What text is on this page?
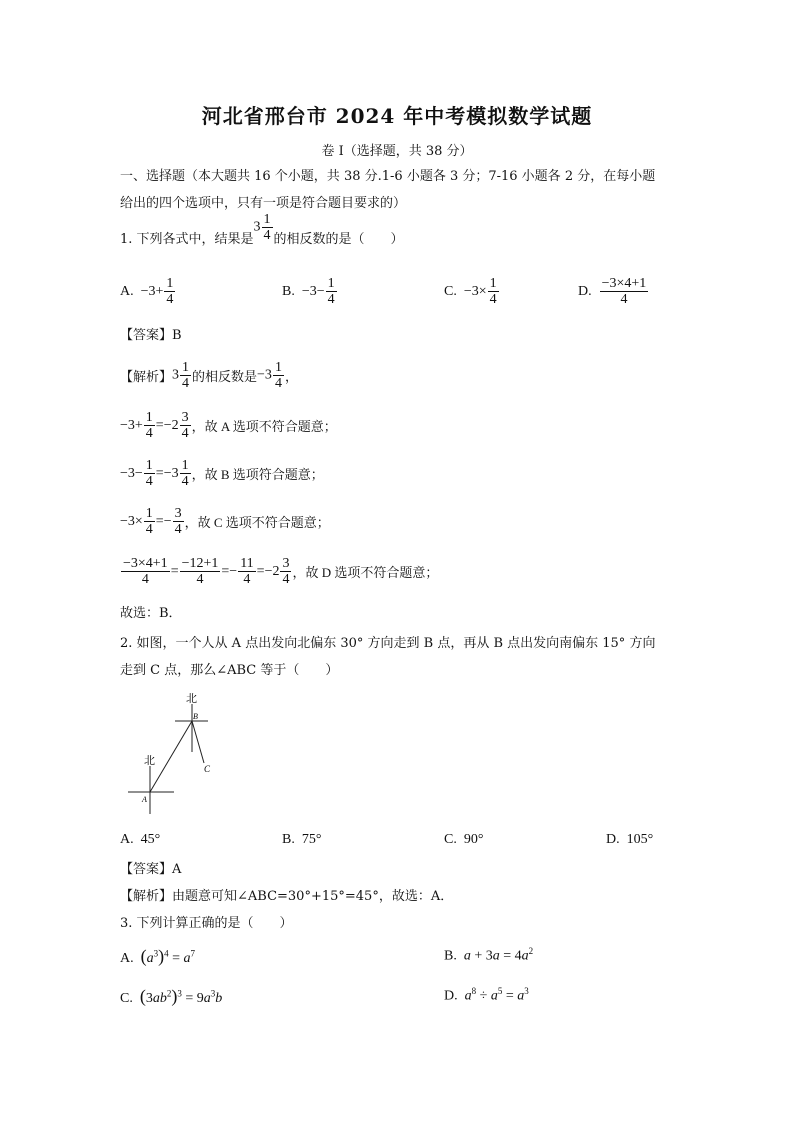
河北省邢台市 2024 年中考模拟数学试题
卷 I（选择题，共 38 分）
一、选择题（本大题共 16 个小题，共 38 分.1-6 小题各 3 分；7-16 小题各 2 分，在每小题
给出的四个选项中，只有一项是符合题目要求的）
1. 下列各式中，结果是
$3 \frac{1}{4}$ 的相反数的是（　　）
A.
$-3+ \frac{1}{4}$	B.
$-3- \frac{1}{4}$	C.
$-3\times \frac{1}{4}$	D.
$\frac{-3\times 4+1}{4}$
【答案】B
【解析】 $3 \frac{1}{4}$ 的相反数是 $-3 \frac{1}{4}$ ，
$-3+ \frac{1}{4} =-2 \frac{3}{4}$ ，故 A 选项不符合题意；
$-3- \frac{1}{4} =-3 \frac{1}{4}$ ，故 B 选项符合题意；
$-3\times \frac{1}{4} =- \frac{3}{4}$ ，故 C 选项不符合题意；
$\frac{-3\times 4+1}{4} = \frac{-12+1}{4} =- \frac{11}{4} =-2 \frac{3}{4}$ ，故 D 选项不符合题意；
故选：B．
2. 如图，一个人从 A 点出发向北偏东 30° 方向走到 B 点，再从 B 点出发向南偏东 15° 方向
走到 C 点，那么∠ABC 等于（　　）
北
北
A
B
C
A. 45°	B. 75°	C. 90°	D. 105°
【答案】A
【解析】由题意可知∠ABC=30°+15°=45°，故选：A．
3. 下列计算正确的是（　　）
A. $(a^3)^4 = a^7$	B. $a + 3a = 4a^2$
C. $(3ab^2)^3 = 9a^3b$	D. $a^8 \div a^5 = a^3$
